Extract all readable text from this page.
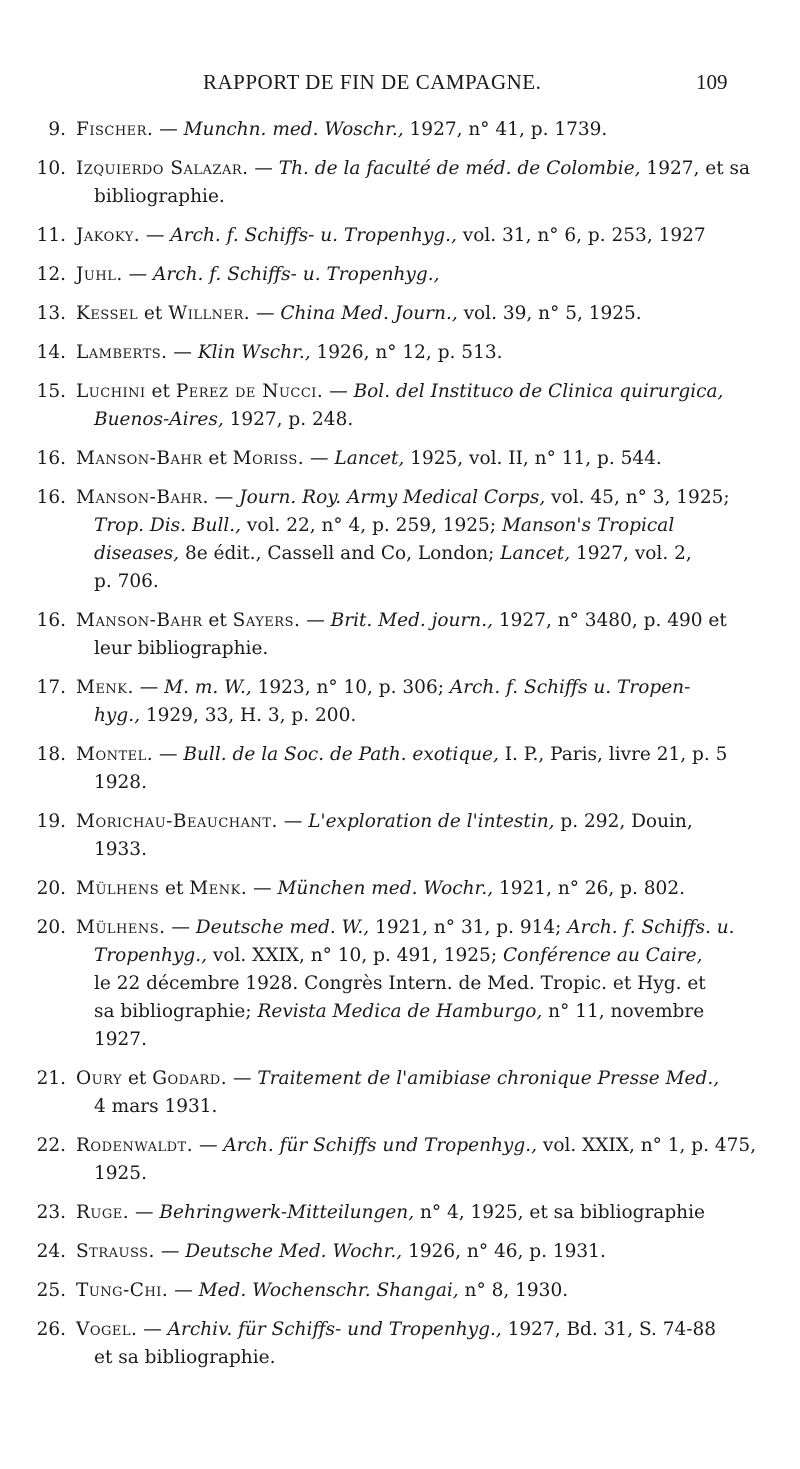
RAPPORT DE FIN DE CAMPAGNE.	109
9. Fischer. — Munchn. med. Woschr., 1927, n° 41, p. 1739.
10. Izquierdo Salazar. — Th. de la faculté de méd. de Colombie, 1927, et sa
bibliographie.
11. Jakoky. — Arch. f. Schiffs- u. Tropenhyg., vol. 31, n° 6, p. 253, 1927
12. Juhl. — Arch. f. Schiffs- u. Tropenhyg.,
13. Kessel et Willner. — China Med. Journ., vol. 39, n° 5, 1925.
14. Lamberts. — Klin Wschr., 1926, n° 12, p. 513.
15. Luchini et Perez de Nucci. — Bol. del Instituco de Clinica quirurgica,
Buenos-Aires, 1927, p. 248.
16. Manson-Bahr et Moriss. — Lancet, 1925, vol. II, n° 11, p. 544.
16. Manson-Bahr. — Journ. Roy. Army Medical Corps, vol. 45, n° 3, 1925;
Trop. Dis. Bull., vol. 22, n° 4, p. 259, 1925; Manson's Tropical
diseases, 8e édit., Cassell and Co, London; Lancet, 1927, vol. 2,
p. 706.
16. Manson-Bahr et Sayers. — Brit. Med. journ., 1927, n° 3480, p. 490 et
leur bibliographie.
17. Menk. — M. m. W., 1923, n° 10, p. 306; Arch. f. Schiffs u. Tropen-
hyg., 1929, 33, H. 3, p. 200.
18. Montel. — Bull. de la Soc. de Path. exotique, I. P., Paris, livre 21, p. 5
1928.
19. Morichau-Beauchant. — L'exploration de l'intestin, p. 292, Douin,
1933.
20. Mülhens et Menk. — München med. Wochr., 1921, n° 26, p. 802.
20. Mülhens. — Deutsche med. W., 1921, n° 31, p. 914; Arch. f. Schiffs. u.
Tropenhyg., vol. XXIX, n° 10, p. 491, 1925; Conférence au Caire,
le 22 décembre 1928. Congrès Intern. de Med. Tropic. et Hyg. et
sa bibliographie; Revista Medica de Hamburgo, n° 11, novembre
1927.
21. Oury et Godard. — Traitement de l'amibiase chronique Presse Med.,
4 mars 1931.
22. Rodenwaldt. — Arch. für Schiffs und Tropenhyg., vol. XXIX, n° 1, p. 475,
1925.
23. Ruge. — Behringwerk-Mitteilungen, n° 4, 1925, et sa bibliographie
24. Strauss. — Deutsche Med. Wochr., 1926, n° 46, p. 1931.
25. Tung-Chi. — Med. Wochenschr. Shangai, n° 8, 1930.
26. Vogel. — Archiv. für Schiffs- und Tropenhyg., 1927, Bd. 31, S. 74-88
et sa bibliographie.
